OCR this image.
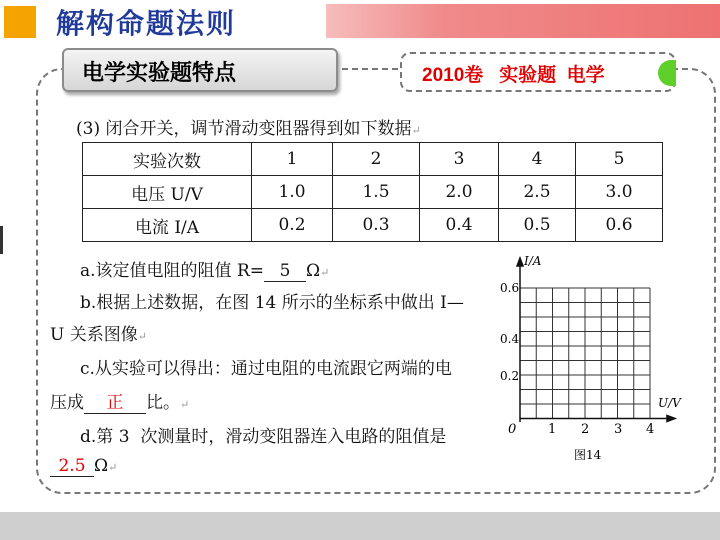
解构命题法则
电学实验题特点	2010卷   实验题  电学
(3) 闭合开关，调节滑动变阻器得到如下数据↵
实验次数	1	2	3	4	5
电压 U/V	1.0	1.5	2.0	2.5	3.0
电流 I/A	0.2	0.3	0.4	0.5	0.6
a.该定值电阻的阻值 R= 5 Ω↵
b.根据上述数据，在图 14 所示的坐标系中做出 I—
U 关系图像↵
c.从实验可以得出：通过电阻的电流跟它两端的电
压成 正 比。↵
d.第 3  次测量时，滑动变阻器连入电路的阻值是
2.5 Ω↵
I/A
U/V
0.6
0.4
0.2
0 1 2 3 4
图14
